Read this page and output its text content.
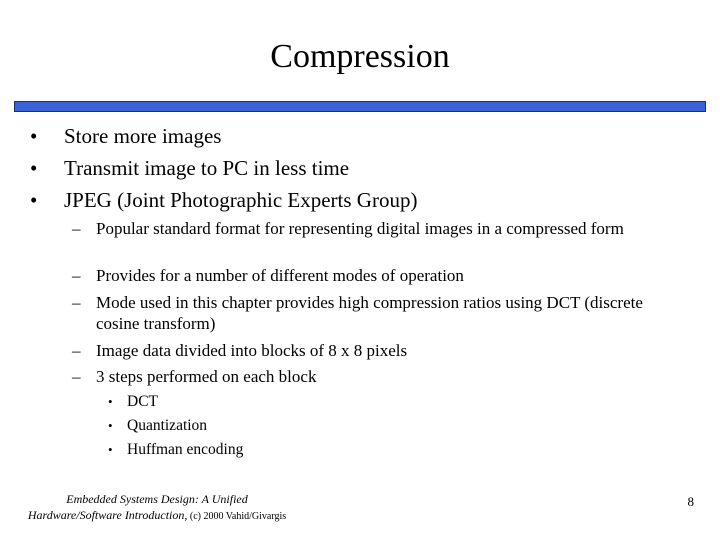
Compression
• Store more images
• Transmit image to PC in less time
• JPEG (Joint Photographic Experts Group)
– Popular standard format for representing digital images in a compressed form
– Provides for a number of different modes of operation
– Mode used in this chapter provides high compression ratios using DCT (discrete cosine transform)
– Image data divided into blocks of 8 x 8 pixels
– 3 steps performed on each block
• DCT
• Quantization
• Huffman encoding
Embedded Systems Design: A Unified
Hardware/Software Introduction, (c) 2000 Vahid/Givargis
8
